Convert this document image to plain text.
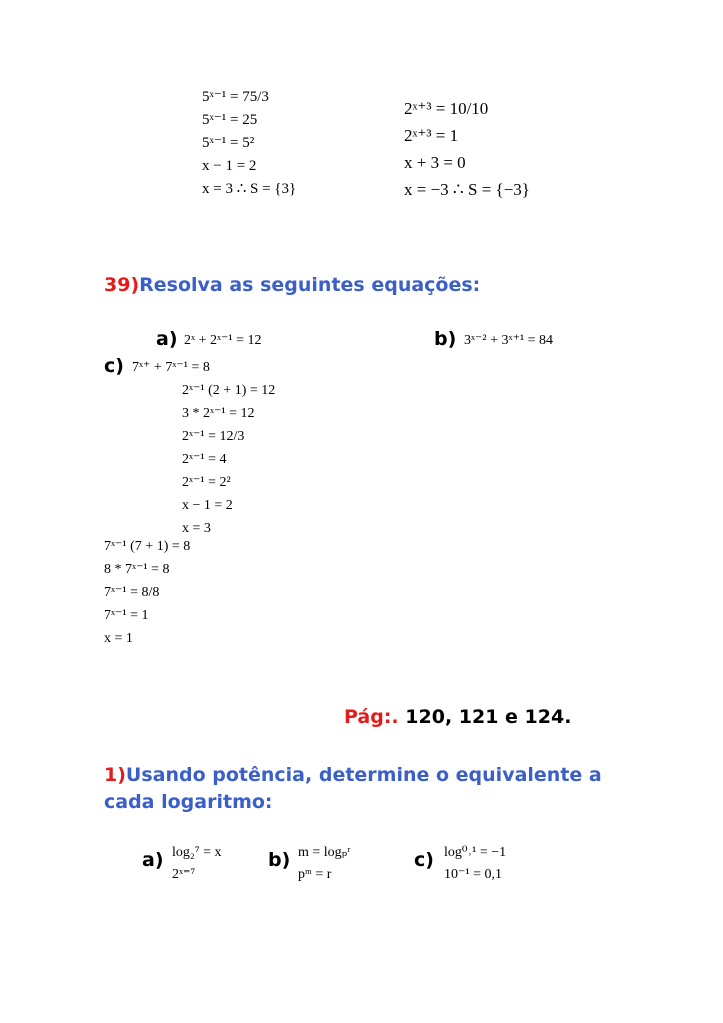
5ˣ⁻¹ = 75/3
5ˣ⁻¹ = 25
5ˣ⁻¹ = 5²
x − 1 = 2
x = 3 ∴ S = {3}
2ˣ⁺³ = 10/10
2ˣ⁺³ = 1
x + 3 = 0
x = −3 ∴ S = {−3}
39)Resolva as seguintes equações:
a) 2ˣ + 2ˣ⁻¹ = 12	b) 3ˣ⁻² + 3ˣ⁺¹ = 84
c) 7ˣ⁺ + 7ˣ⁻¹ = 8
2ˣ⁻¹ (2 + 1) = 12
3 * 2ˣ⁻¹ = 12
2ˣ⁻¹ = 12/3
2ˣ⁻¹ = 4
2ˣ⁻¹ = 2²
x − 1 = 2
x = 3
7ˣ⁻¹ (7 + 1) = 8
8 * 7ˣ⁻¹ = 8
7ˣ⁻¹ = 8/8
7ˣ⁻¹ = 1
x = 1
Pág:. 120, 121 e 124.
1)Usando potência, determine o equivalente a
cada logaritmo:
a) log₂⁷ = x
2ˣ⁼⁷
b) m = logₚʳ
pᵐ = r
c) log⁰˒¹ = −1
10⁻¹ = 0,1
